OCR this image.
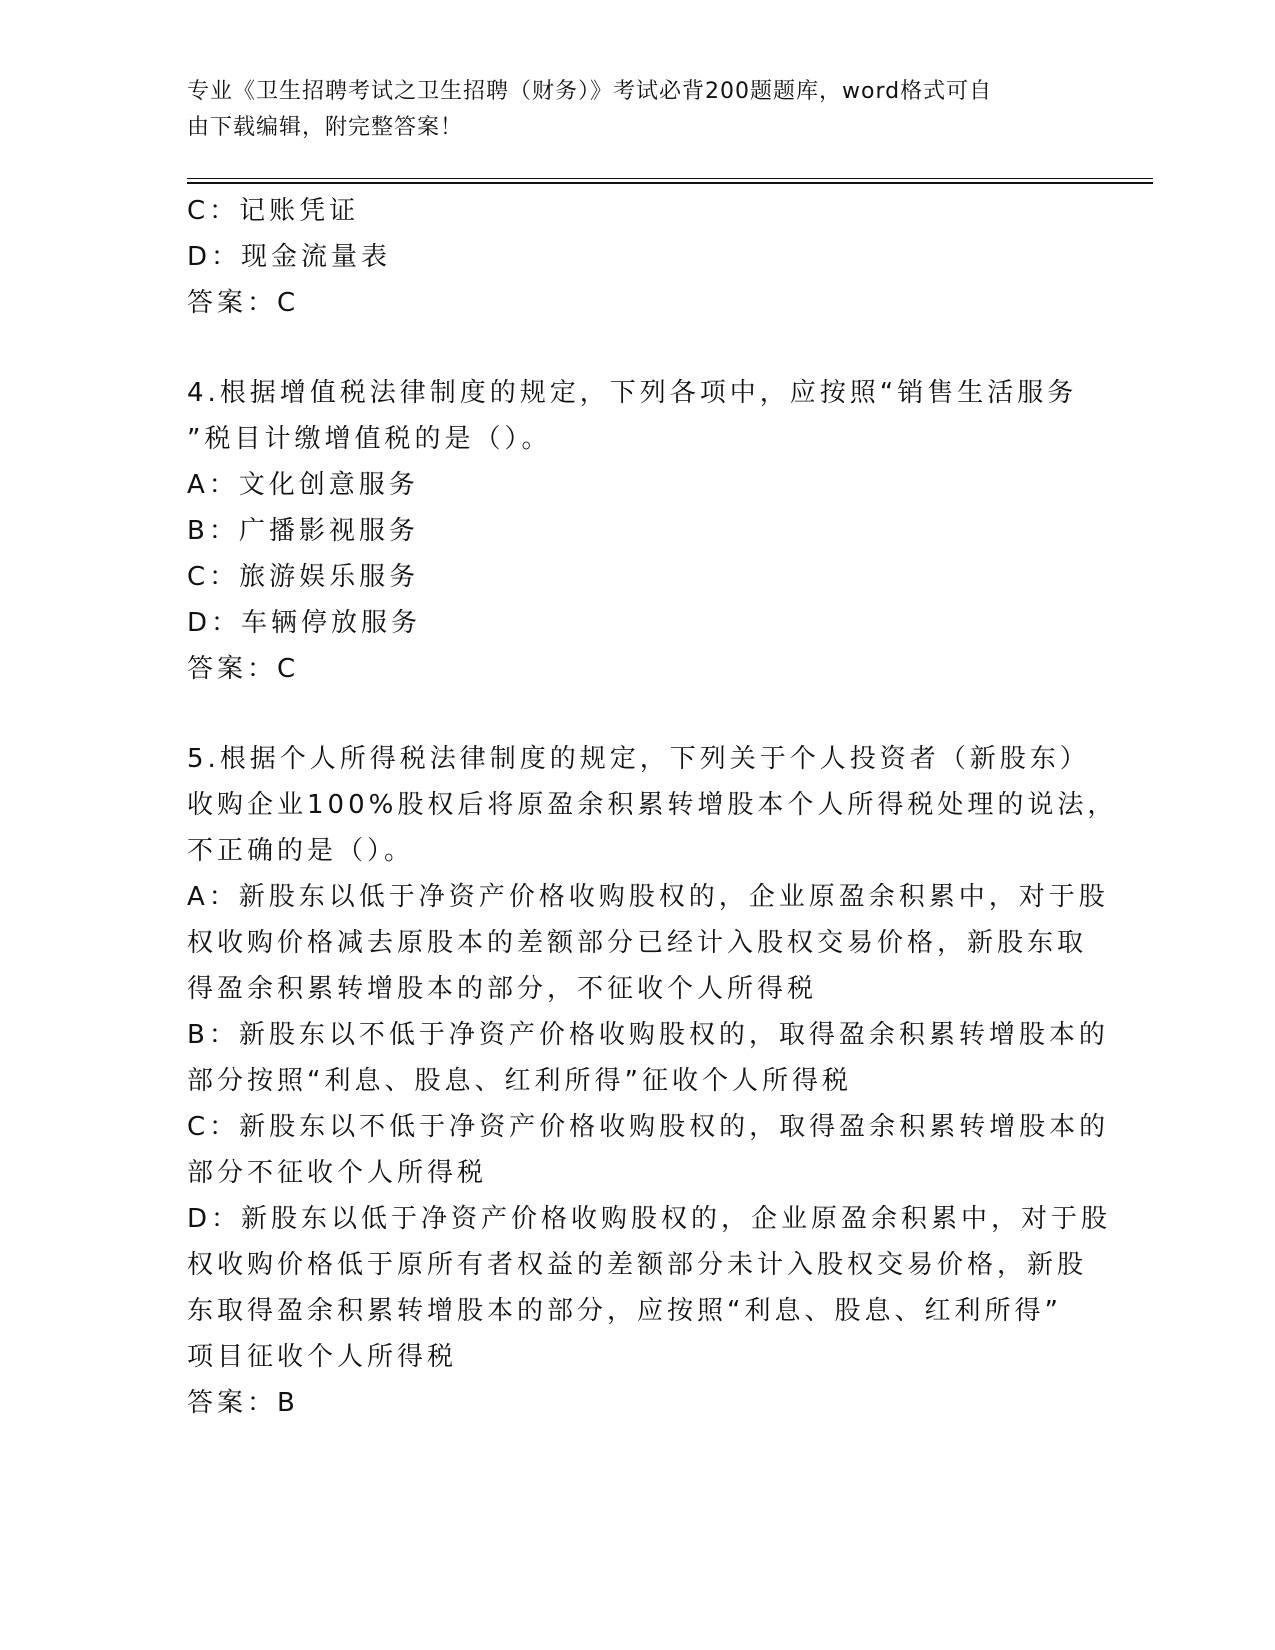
专业《卫生招聘考试之卫生招聘（财务）》考试必背200题题库，word格式可自
由下载编辑，附完整答案！
C：记账凭证
D：现金流量表
答案：C
4.根据增值税法律制度的规定，下列各项中，应按照“销售生活服务
”税目计缴增值税的是（）。
A：文化创意服务
B：广播影视服务
C：旅游娱乐服务
D：车辆停放服务
答案：C
5.根据个人所得税法律制度的规定，下列关于个人投资者（新股东）
收购企业100%股权后将原盈余积累转增股本个人所得税处理的说法，
不正确的是（）。
A：新股东以低于净资产价格收购股权的，企业原盈余积累中，对于股
权收购价格减去原股本的差额部分已经计入股权交易价格，新股东取
得盈余积累转增股本的部分，不征收个人所得税
B：新股东以不低于净资产价格收购股权的，取得盈余积累转增股本的
部分按照“利息、股息、红利所得”征收个人所得税
C：新股东以不低于净资产价格收购股权的，取得盈余积累转增股本的
部分不征收个人所得税
D：新股东以低于净资产价格收购股权的，企业原盈余积累中，对于股
权收购价格低于原所有者权益的差额部分未计入股权交易价格，新股
东取得盈余积累转增股本的部分，应按照“利息、股息、红利所得”
项目征收个人所得税
答案：B
